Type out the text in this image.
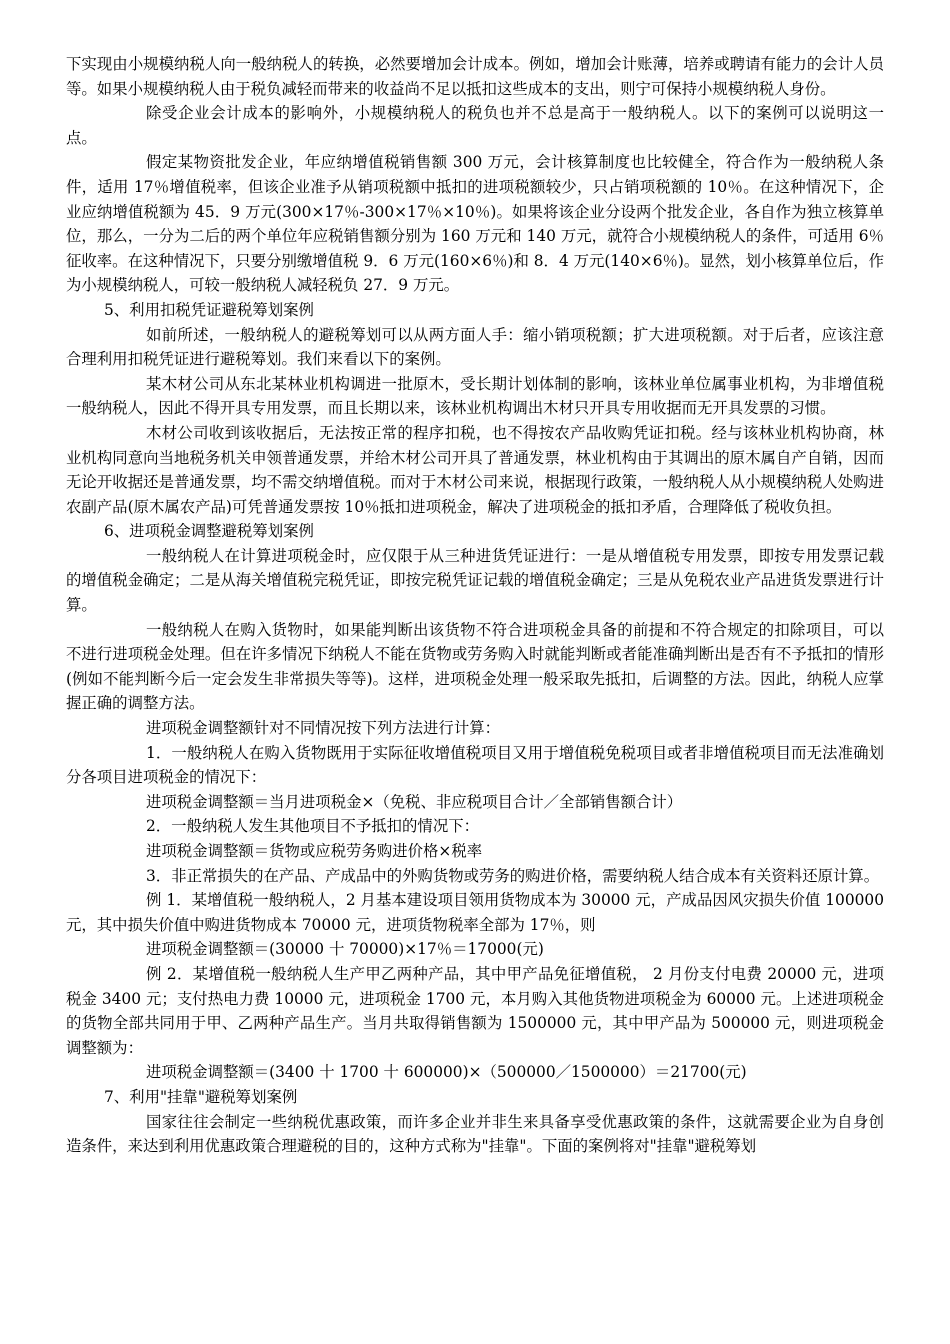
下实现由小规模纳税人向一般纳税人的转换，必然要增加会计成本。例如，增加会计账薄，培养或聘请有能力的会计人员等。如果小规模纳税人由于税负减轻而带来的收益尚不足以抵扣这些成本的支出，则宁可保持小规模纳税人身份。

除受企业会计成本的影响外，小规模纳税人的税负也并不总是高于一般纳税人。以下的案例可以说明这一点。

假定某物资批发企业，年应纳增值税销售额 300 万元，会计核算制度也比较健全，符合作为一般纳税人条件，适用 17％增值税率，但该企业准予从销项税额中抵扣的进项税额较少，只占销项税额的 10％。在这种情况下，企业应纳增值税额为 45．9 万元(300×17％-300×17％×10％)。如果将该企业分设两个批发企业，各自作为独立核算单位，那么，一分为二后的两个单位年应税销售额分别为 160 万元和 140 万元，就符合小规模纳税人的条件，可适用 6％征收率。在这种情况下，只要分别缴增值税 9．6 万元(160×6％)和 8．4 万元(140×6％)。显然，划小核算单位后，作为小规模纳税人，可较一般纳税人减轻税负 27．9 万元。

5、利用扣税凭证避税筹划案例

如前所述，一般纳税人的避税筹划可以从两方面人手：缩小销项税额；扩大进项税额。对于后者，应该注意合理利用扣税凭证进行避税筹划。我们来看以下的案例。

某木材公司从东北某林业机构调进一批原木，受长期计划体制的影响，该林业单位属事业机构，为非增值税一般纳税人，因此不得开具专用发票，而且长期以来，该林业机构调出木材只开具专用收据而无开具发票的习惯。

木材公司收到该收据后，无法按正常的程序扣税，也不得按农产品收购凭证扣税。经与该林业机构协商，林业机构同意向当地税务机关申领普通发票，并给木材公司开具了普通发票，林业机构由于其调出的原木属自产自销，因而无论开收据还是普通发票，均不需交纳增值税。而对于木材公司来说，根据现行政策，一般纳税人从小规模纳税人处购进农副产品(原木属农产品)可凭普通发票按 10％抵扣进项税金，解决了进项税金的抵扣矛盾，合理降低了税收负担。

6、进项税金调整避税筹划案例

一般纳税人在计算进项税金时，应仅限于从三种进货凭证进行：一是从增值税专用发票，即按专用发票记载的增值税金确定；二是从海关增值税完税凭证，即按完税凭证记载的增值税金确定；三是从免税农业产品进货发票进行计算。

一般纳税人在购入货物时，如果能判断出该货物不符合进项税金具备的前提和不符合规定的扣除项目，可以不进行进项税金处理。但在许多情况下纳税人不能在货物或劳务购入时就能判断或者能准确判断出是否有不予抵扣的情形(例如不能判断今后一定会发生非常损失等等)。这样，进项税金处理一般采取先抵扣，后调整的方法。因此，纳税人应掌握正确的调整方法。

进项税金调整额针对不同情况按下列方法进行计算：

1．一般纳税人在购入货物既用于实际征收增值税项目又用于增值税免税项目或者非增值税项目而无法准确划分各项目进项税金的情况下：

进项税金调整额＝当月进项税金×（免税、非应税项目合计／全部销售额合计）

2．一般纳税人发生其他项目不予抵扣的情况下：

进项税金调整额＝货物或应税劳务购进价格×税率

3．非正常损失的在产品、产成品中的外购货物或劳务的购进价格，需要纳税人结合成本有关资料还原计算。

例 1．某增值税一般纳税人，2 月基本建设项目领用货物成本为 30000 元，产成品因风灾损失价值 100000 元，其中损失价值中购进货物成本 70000 元，进项货物税率全部为 17％，则

进项税金调整额＝(30000 十 70000)×17％＝17000(元)

例 2．某增值税一般纳税人生产甲乙两种产品，其中甲产品免征增值税， 2 月份支付电费 20000 元，进项税金 3400 元；支付热电力费 10000 元，进项税金 1700 元，本月购入其他货物进项税金为 60000 元。上述进项税金的货物全部共同用于甲、乙两种产品生产。当月共取得销售额为 1500000 元，其中甲产品为 500000 元，则进项税金调整额为：

进项税金调整额＝(3400 十 1700 十 600000)×（500000／1500000）＝21700(元)

7、利用"挂靠"避税筹划案例

国家往往会制定一些纳税优惠政策，而许多企业并非生来具备享受优惠政策的条件，这就需要企业为自身创造条件，来达到利用优惠政策合理避税的目的，这种方式称为"挂靠"。下面的案例将对"挂靠"避税筹划
